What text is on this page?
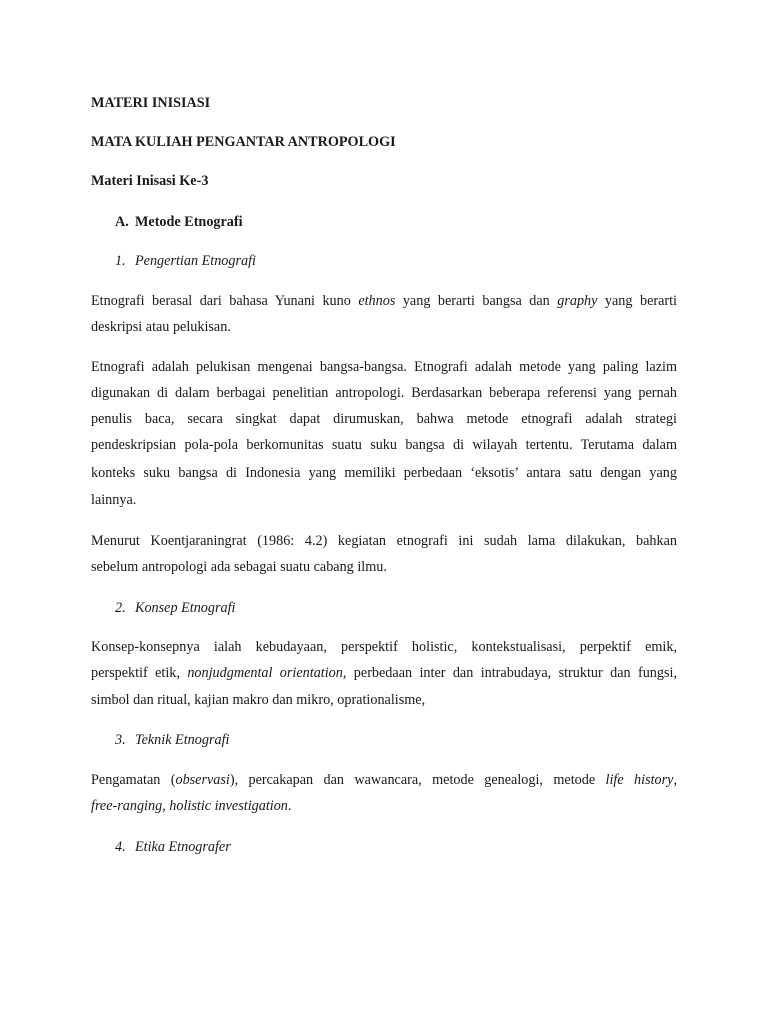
MATERI INISIASI
MATA KULIAH PENGANTAR ANTROPOLOGI
Materi Inisasi Ke-3
A. Metode Etnografi
1. Pengertian Etnografi
Etnografi berasal dari bahasa Yunani kuno ethnos yang berarti bangsa dan graphy yang berarti
deskripsi atau pelukisan.
Etnografi adalah pelukisan mengenai bangsa-bangsa. Etnografi adalah metode yang paling lazim
digunakan di dalam berbagai penelitian antropologi. Berdasarkan beberapa referensi yang pernah
penulis baca, secara singkat dapat dirumuskan, bahwa metode etnografi adalah strategi
pendeskripsian pola-pola berkomunitas suatu suku bangsa di wilayah tertentu. Terutama dalam
konteks suku bangsa di Indonesia yang memiliki perbedaan ‘eksotis’ antara satu dengan yang
lainnya.
Menurut Koentjaraningrat (1986: 4.2) kegiatan etnografi ini sudah lama dilakukan, bahkan
sebelum antropologi ada sebagai suatu cabang ilmu.
2. Konsep Etnografi
Konsep-konsepnya ialah kebudayaan, perspektif holistic, kontekstualisasi, perpektif emik,
perspektif etik, nonjudgmental orientation, perbedaan inter dan intrabudaya, struktur dan fungsi,
simbol dan ritual, kajian makro dan mikro, oprationalisme,
3. Teknik Etnografi
Pengamatan (observasi), percakapan dan wawancara, metode genealogi, metode life history,
free-ranging, holistic investigation.
4. Etika Etnografer
